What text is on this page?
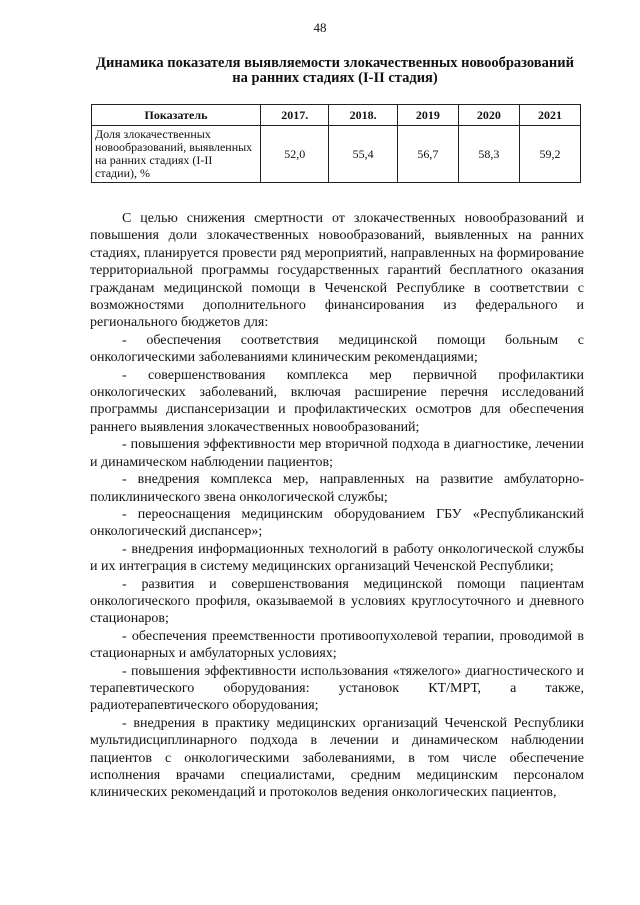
48
Динамика показателя выявляемости злокачественных новообразований на ранних стадиях (I-II стадия)
Показатель	2017.	2018.	2019	2020	2021
Доля злокачественных новообразований, выявленных на ранних стадиях (I-II стадии), %	52,0	55,4	56,7	58,3	59,2

С целью снижения смертности от злокачественных новообразований и повышения доли злокачественных новообразований, выявленных на ранних стадиях, планируется провести ряд мероприятий, направленных на формирование территориальной программы государственных гарантий бесплатного оказания гражданам медицинской помощи в Чеченской Республике в соответствии с возможностями дополнительного финансирования из федерального и регионального бюджетов для:

- обеспечения соответствия медицинской помощи больным с онкологическими заболеваниями клиническим рекомендациями;

- совершенствования комплекса мер первичной профилактики онкологических заболеваний, включая расширение перечня исследований программы диспансеризации и профилактических осмотров для обеспечения раннего выявления злокачественных новообразований;

- повышения эффективности мер вторичной подхода в диагностике, лечении и динамическом наблюдении пациентов;

- внедрения комплекса мер, направленных на развитие амбулаторно-поликлинического звена онкологической службы;

- переоснащения медицинским оборудованием ГБУ «Республиканский онкологический диспансер»;

- внедрения информационных технологий в работу онкологической службы и их интеграция в систему медицинских организаций Чеченской Республики;

- развития и совершенствования медицинской помощи пациентам онкологического профиля, оказываемой в условиях круглосуточного и дневного стационаров;

- обеспечения преемственности противоопухолевой терапии, проводимой в стационарных и амбулаторных условиях;

- повышения эффективности использования «тяжелого» диагностического и терапевтического оборудования: установок КТ/МРТ, а также, радиотерапевтического оборудования;

- внедрения в практику медицинских организаций Чеченской Республики мультидисциплинарного подхода в лечении и динамическом наблюдении пациентов с онкологическими заболеваниями, в том числе обеспечение исполнения врачами специалистами, средним медицинским персоналом клинических рекомендаций и протоколов ведения онкологических пациентов,
